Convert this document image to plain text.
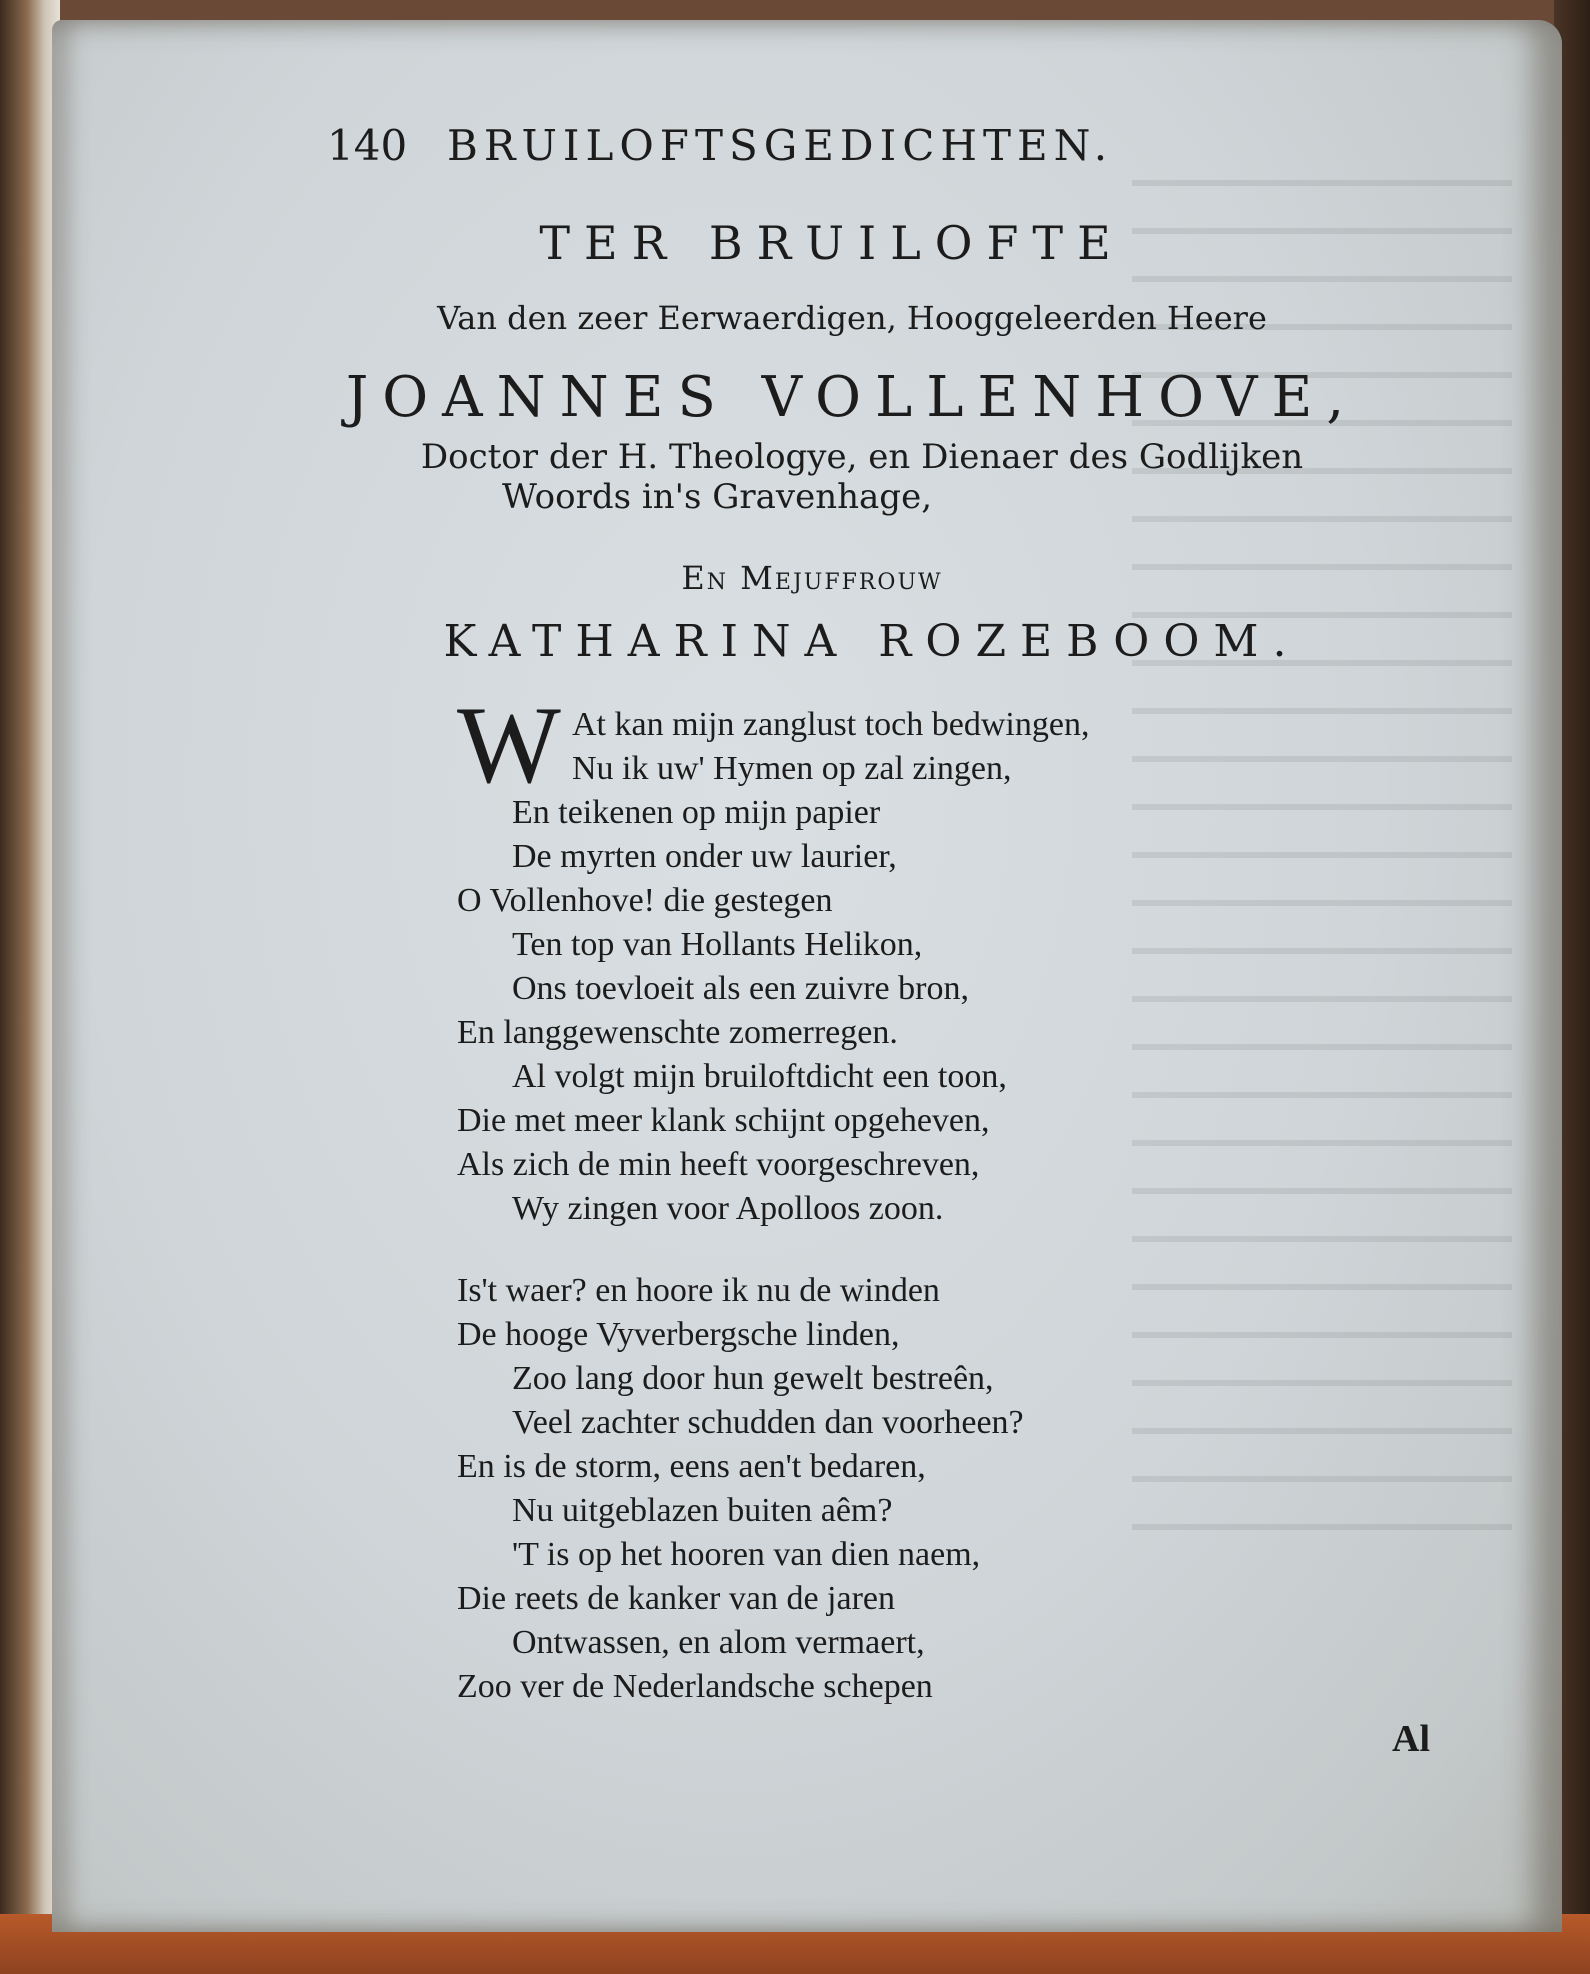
140 BRUILOFTSGEDICHTEN.
TER BRUILOFTE
Van den zeer Eerwaerdigen, Hooggeleerden Heere
JOANNES VOLLENHOVE,
Doctor der H. Theologye, en Dienaer des Godlijken
Woords in's Gravenhage,
En Mejuffrouw
KATHARINA ROZEBOOM.
W At kan mijn zanglust toch bedwingen,
Nu ik uw' Hymen op zal zingen,
En teikenen op mijn papier
De myrten onder uw laurier,
O Vollenhove! die gestegen
Ten top van Hollants Helikon,
Ons toevloeit als een zuivre bron,
En langgewenschte zomerregen.
Al volgt mijn bruiloftdicht een toon,
Die met meer klank schijnt opgeheven,
Als zich de min heeft voorgeschreven,
Wy zingen voor Apolloos zoon.
Is't waer? en hoore ik nu de winden
De hooge Vyverbergsche linden,
Zoo lang door hun gewelt bestreên,
Veel zachter schudden dan voorheen?
En is de storm, eens aen't bedaren,
Nu uitgeblazen buiten aêm?
'T is op het hooren van dien naem,
Die reets de kanker van de jaren
Ontwassen, en alom vermaert,
Zoo ver de Nederlandsche schepen
Al
